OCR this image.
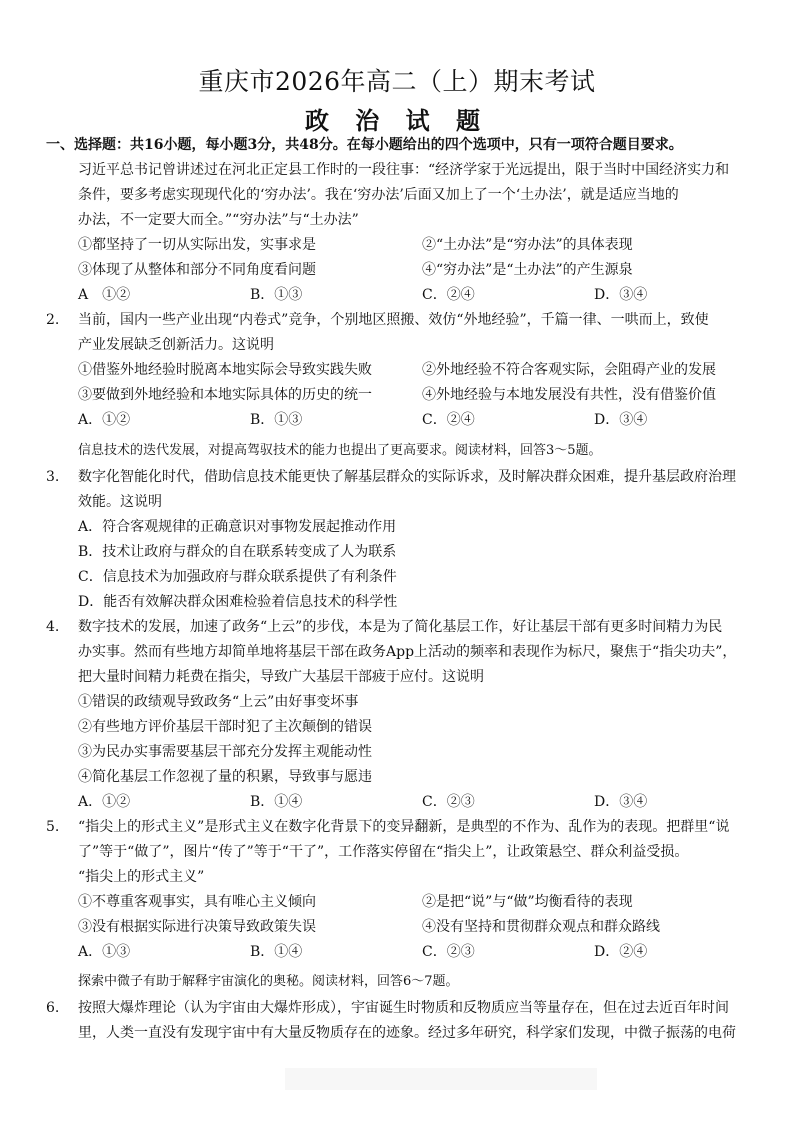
重庆市2026年高二（上）期末考试
政 治 试 题
一、选择题：共16小题，每小题3分，共48分。在每小题给出的四个选项中，只有一项符合题目要求。
习近平总书记曾讲述过在河北正定县工作时的一段往事：“经济学家于光远提出，限于当时中国经济实力和
条件，要多考虑实现现代化的‘穷办法’。我在‘穷办法’后面又加上了一个‘土办法’，就是适应当地的
办法，不一定要大而全。”“穷办法”与“土办法”
①都坚持了一切从实际出发，实事求是	②“土办法”是“穷办法”的具体表现
③体现了从整体和部分不同角度看问题	④“穷办法”是“土办法”的产生源泉
A　①②	B．①③	C．②④	D．③④
2. 当前，国内一些产业出现“内卷式”竞争，个别地区照搬、效仿“外地经验”，千篇一律、一哄而上，致使
产业发展缺乏创新活力。这说明
①借鉴外地经验时脱离本地实际会导致实践失败	②外地经验不符合客观实际，会阻碍产业的发展
③要做到外地经验和本地实际具体的历史的统一	④外地经验与本地发展没有共性，没有借鉴价值
A．①②	B．①③	C．②④	D．③④
信息技术的迭代发展，对提高驾驭技术的能力也提出了更高要求。阅读材料，回答3～5题。
3. 数字化智能化时代，借助信息技术能更快了解基层群众的实际诉求，及时解决群众困难，提升基层政府治理
效能。这说明
A．符合客观规律的正确意识对事物发展起推动作用
B．技术让政府与群众的自在联系转变成了人为联系
C．信息技术为加强政府与群众联系提供了有利条件
D．能否有效解决群众困难检验着信息技术的科学性
4. 数字技术的发展，加速了政务“上云”的步伐，本是为了简化基层工作，好让基层干部有更多时间精力为民
办实事。然而有些地方却简单地将基层干部在政务App上活动的频率和表现作为标尺，聚焦于“指尖功夫”，
把大量时间精力耗费在指尖，导致广大基层干部疲于应付。这说明
①错误的政绩观导致政务“上云”由好事变坏事
②有些地方评价基层干部时犯了主次颠倒的错误
③为民办实事需要基层干部充分发挥主观能动性
④简化基层工作忽视了量的积累，导致事与愿违
A．①②	B．①④	C．②③	D．③④
5. “指尖上的形式主义”是形式主义在数字化背景下的变异翻新，是典型的不作为、乱作为的表现。把群里“说
了”等于“做了”，图片“传了”等于“干了”，工作落实停留在“指尖上”，让政策悬空、群众利益受损。
“指尖上的形式主义”
①不尊重客观事实，具有唯心主义倾向	②是把“说”与“做”均衡看待的表现
③没有根据实际进行决策导致政策失误	④没有坚持和贯彻群众观点和群众路线
A．①③	B．①④	C．②③	D．②④
探索中微子有助于解释宇宙演化的奥秘。阅读材料，回答6～7题。
6. 按照大爆炸理论（认为宇宙由大爆炸形成），宇宙诞生时物质和反物质应当等量存在，但在过去近百年时间
里，人类一直没有发现宇宙中有大量反物质存在的迹象。经过多年研究，科学家们发现，中微子振荡的电荷
